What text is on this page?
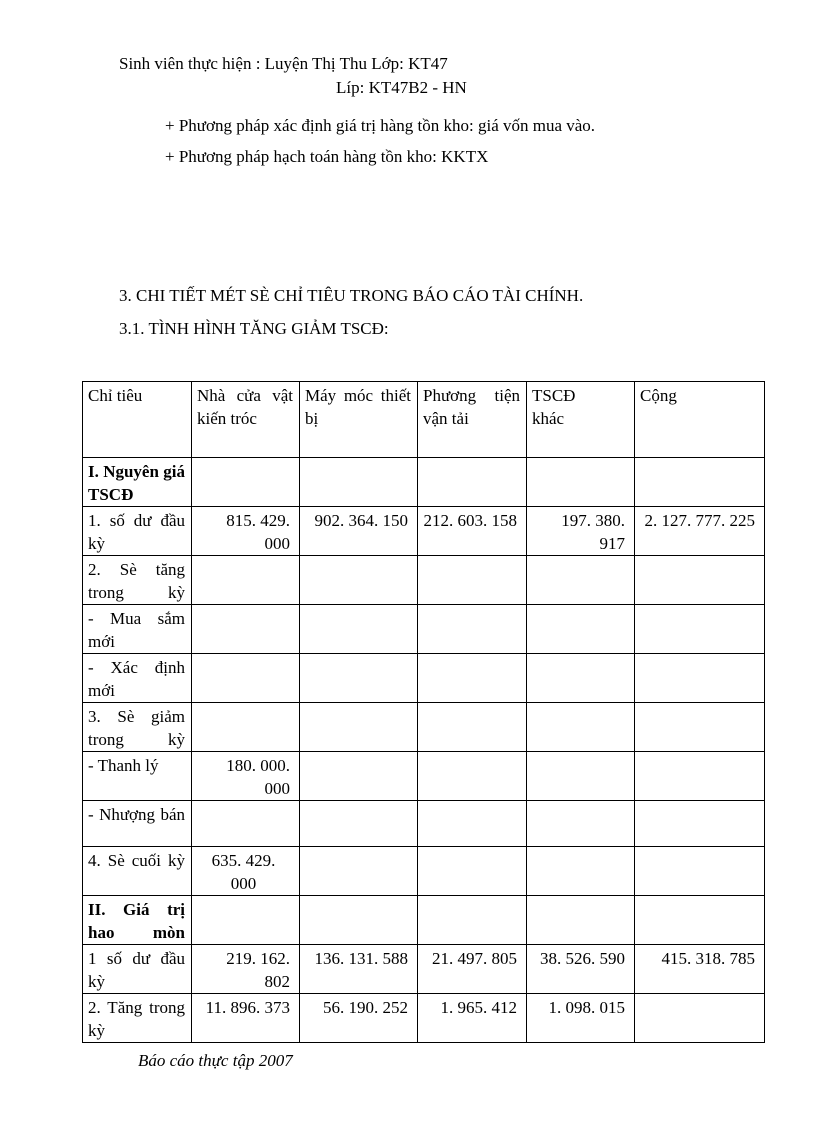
Sinh viên thực hiện : Luyện Thị Thu Lớp: KT47
Líp: KT47B2 - HN
+ Phương pháp xác định giá trị hàng tồn kho: giá vốn mua vào.
+ Phương pháp hạch toán hàng tồn kho: KKTX
3. CHI TIẾT MÉT SÈ CHỈ TIÊU TRONG BÁO CÁO TÀI CHÍNH.
3.1. TÌNH HÌNH TĂNG GIẢM TSCĐ:
Chỉ tiêu	Nhà cửa vật kiến tróc	Máy móc thiết bị	Phương tiện vận tải	TSCĐ khác	Cộng
I. Nguyên giá TSCĐ					
1. số dư đầu kỳ	815. 429. 000	902. 364. 150	212. 603. 158	197. 380. 917	2. 127. 777. 225
2. Sè tăng trong kỳ					
- Mua sắm mới					
- Xác định mới					
3. Sè giảm trong kỳ					
- Thanh lý	180. 000. 000				
- Nhượng bán					
4. Sè cuối kỳ	635. 429. 000				
II. Giá trị hao mòn					
1 số dư đầu kỳ	219. 162. 802	136. 131. 588	21. 497. 805	38. 526. 590	415. 318. 785
2. Tăng trong kỳ	11. 896. 373	56. 190. 252	1. 965. 412	1. 098. 015	
Báo cáo thực tập 2007
